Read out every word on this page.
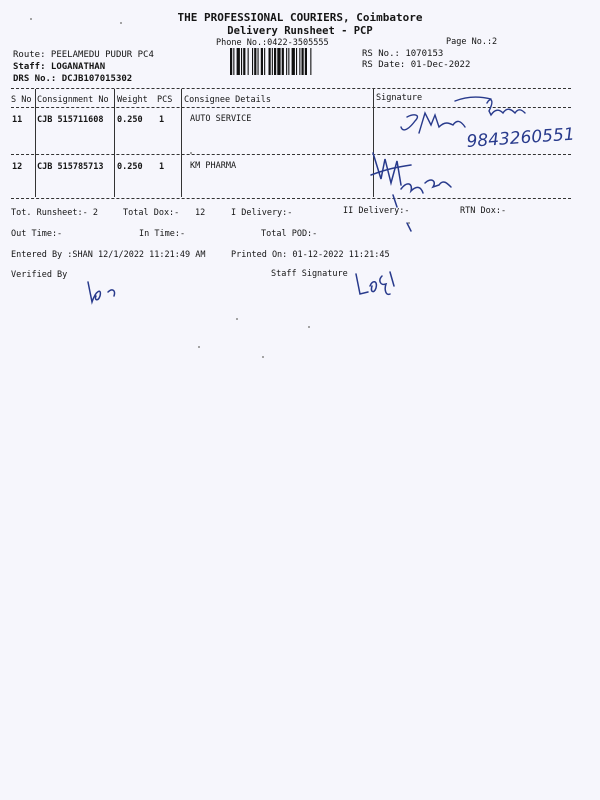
THE PROFESSIONAL COURIERS, Coimbatore
Delivery Runsheet - PCP
Phone No.:0422-3505555	Page No.:2
Route: PEELAMEDU PUDUR PC4
Staff: LOGANATHAN
DRS No.: DCJB107015302
RS No.: 1070153
RS Date: 01-Dec-2022
S No Consignment No Weight PCS Consignee Details	Signature
11 CJB 515711608 0.250 1	AUTO SERVICE
12 CJB 515785713 0.250 1	KM PHARMA
Tot. Runsheet:- 2	Total Dox:- 12	I Delivery:-	II Delivery:-	RTN Dox:-
Out Time:-	In Time:-	Total POD:-
Entered By :SHAN 12/1/2022 11:21:49 AM	Printed On: 01-12-2022 11:21:45
Verified By	Staff Signature
9843260551
